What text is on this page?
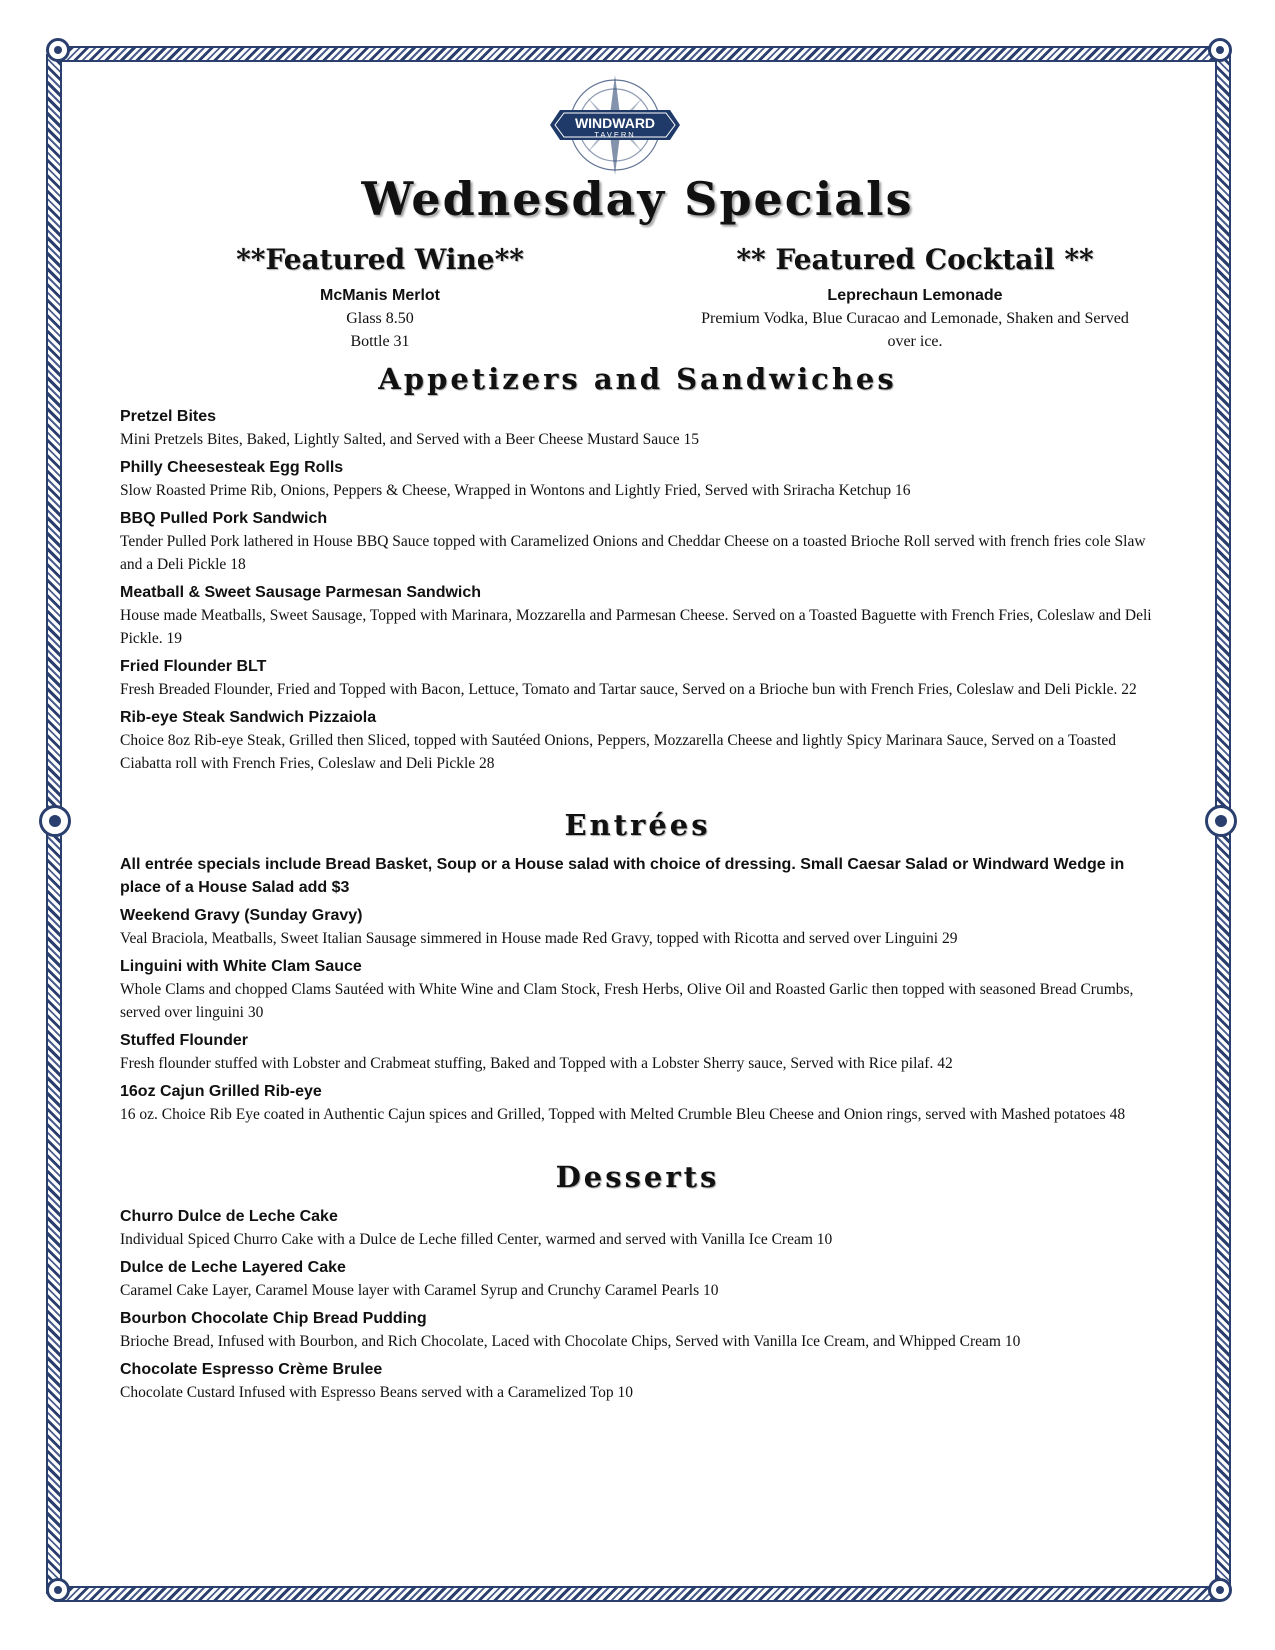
WINDWARD
TAVERN
Wednesday Specials
**Featured Wine**
McManis Merlot
Glass 8.50
Bottle 31
** Featured Cocktail **
Leprechaun Lemonade
Premium Vodka, Blue Curacao and Lemonade, Shaken and Served
over ice.
Appetizers and Sandwiches
Pretzel Bites
Mini Pretzels Bites, Baked, Lightly Salted, and Served with a Beer Cheese Mustard Sauce 15
Philly Cheesesteak Egg Rolls
Slow Roasted Prime Rib, Onions, Peppers & Cheese, Wrapped in Wontons and Lightly Fried, Served with Sriracha Ketchup 16
BBQ Pulled Pork Sandwich
Tender Pulled Pork lathered in House BBQ Sauce topped with Caramelized Onions and Cheddar Cheese on a toasted Brioche Roll served with french fries cole Slaw and a Deli Pickle 18
Meatball & Sweet Sausage Parmesan Sandwich
House made Meatballs, Sweet Sausage, Topped with Marinara, Mozzarella and Parmesan Cheese. Served on a Toasted Baguette with French Fries, Coleslaw and Deli Pickle. 19
Fried Flounder BLT
Fresh Breaded Flounder, Fried and Topped with Bacon, Lettuce, Tomato and Tartar sauce, Served on a Brioche bun with French Fries, Coleslaw and Deli Pickle. 22
Rib-eye Steak Sandwich Pizzaiola
Choice 8oz Rib-eye Steak, Grilled then Sliced, topped with Sautéed Onions, Peppers, Mozzarella Cheese and lightly Spicy Marinara Sauce, Served on a Toasted Ciabatta roll with French Fries, Coleslaw and Deli Pickle 28
Entrées
All entrée specials include Bread Basket, Soup or a House salad with choice of dressing. Small Caesar Salad or Windward Wedge in place of a House Salad add $3
Weekend Gravy (Sunday Gravy)
Veal Braciola, Meatballs, Sweet Italian Sausage simmered in House made Red Gravy, topped with Ricotta and served over Linguini 29
Linguini with White Clam Sauce
Whole Clams and chopped Clams Sautéed with White Wine and Clam Stock, Fresh Herbs, Olive Oil and Roasted Garlic then topped with seasoned Bread Crumbs, served over linguini 30
Stuffed Flounder
Fresh flounder stuffed with Lobster and Crabmeat stuffing, Baked and Topped with a Lobster Sherry sauce, Served with Rice pilaf. 42
16oz Cajun Grilled Rib-eye
16 oz. Choice Rib Eye coated in Authentic Cajun spices and Grilled, Topped with Melted Crumble Bleu Cheese and Onion rings, served with Mashed potatoes 48
Desserts
Churro Dulce de Leche Cake
Individual Spiced Churro Cake with a Dulce de Leche filled Center, warmed and served with Vanilla Ice Cream 10
Dulce de Leche Layered Cake
Caramel Cake Layer, Caramel Mouse layer with Caramel Syrup and Crunchy Caramel Pearls 10
Bourbon Chocolate Chip Bread Pudding
Brioche Bread, Infused with Bourbon, and Rich Chocolate, Laced with Chocolate Chips, Served with Vanilla Ice Cream, and Whipped Cream 10
Chocolate Espresso Crème Brulee
Chocolate Custard Infused with Espresso Beans served with a Caramelized Top 10
